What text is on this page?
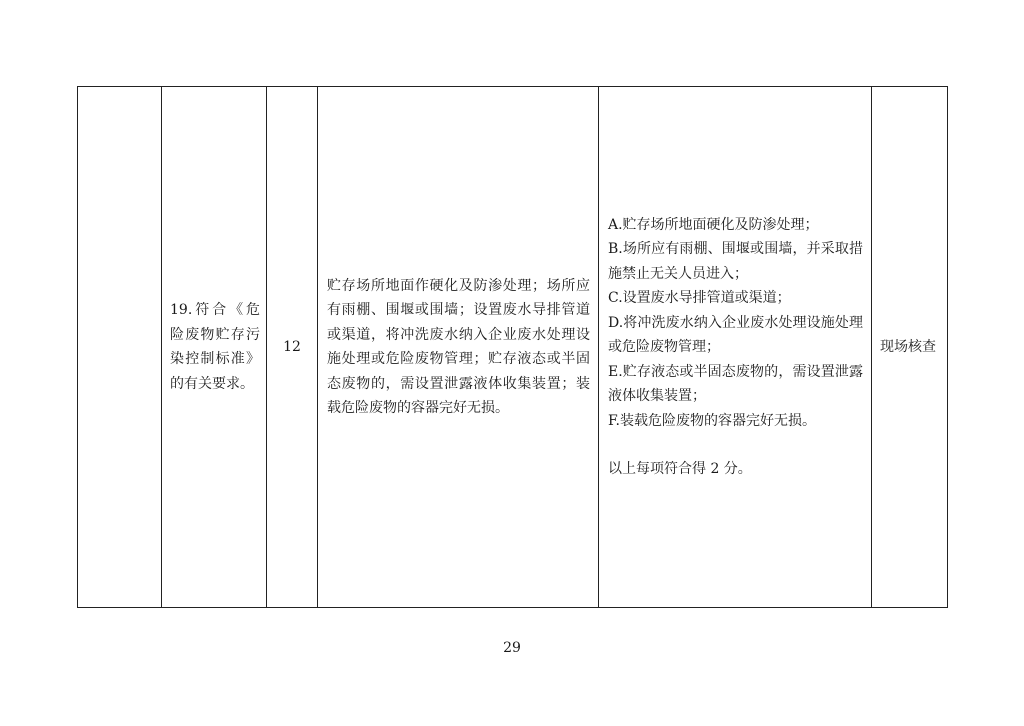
19.符合《危险废物贮存污染控制标准》的有关要求。
12
贮存场所地面作硬化及防渗处理；场所应有雨棚、围堰或围墙；设置废水导排管道或渠道，将冲洗废水纳入企业废水处理设施处理或危险废物管理；贮存液态或半固态废物的，需设置泄露液体收集装置；装载危险废物的容器完好无损。
A.贮存场所地面硬化及防渗处理；
B.场所应有雨棚、围堰或围墙，并采取措施禁止无关人员进入；
C.设置废水导排管道或渠道；
D.将冲洗废水纳入企业废水处理设施处理或危险废物管理；
E.贮存液态或半固态废物的，需设置泄露液体收集装置；
F.装载危险废物的容器完好无损。
以上每项符合得 2 分。
现场核查
29
